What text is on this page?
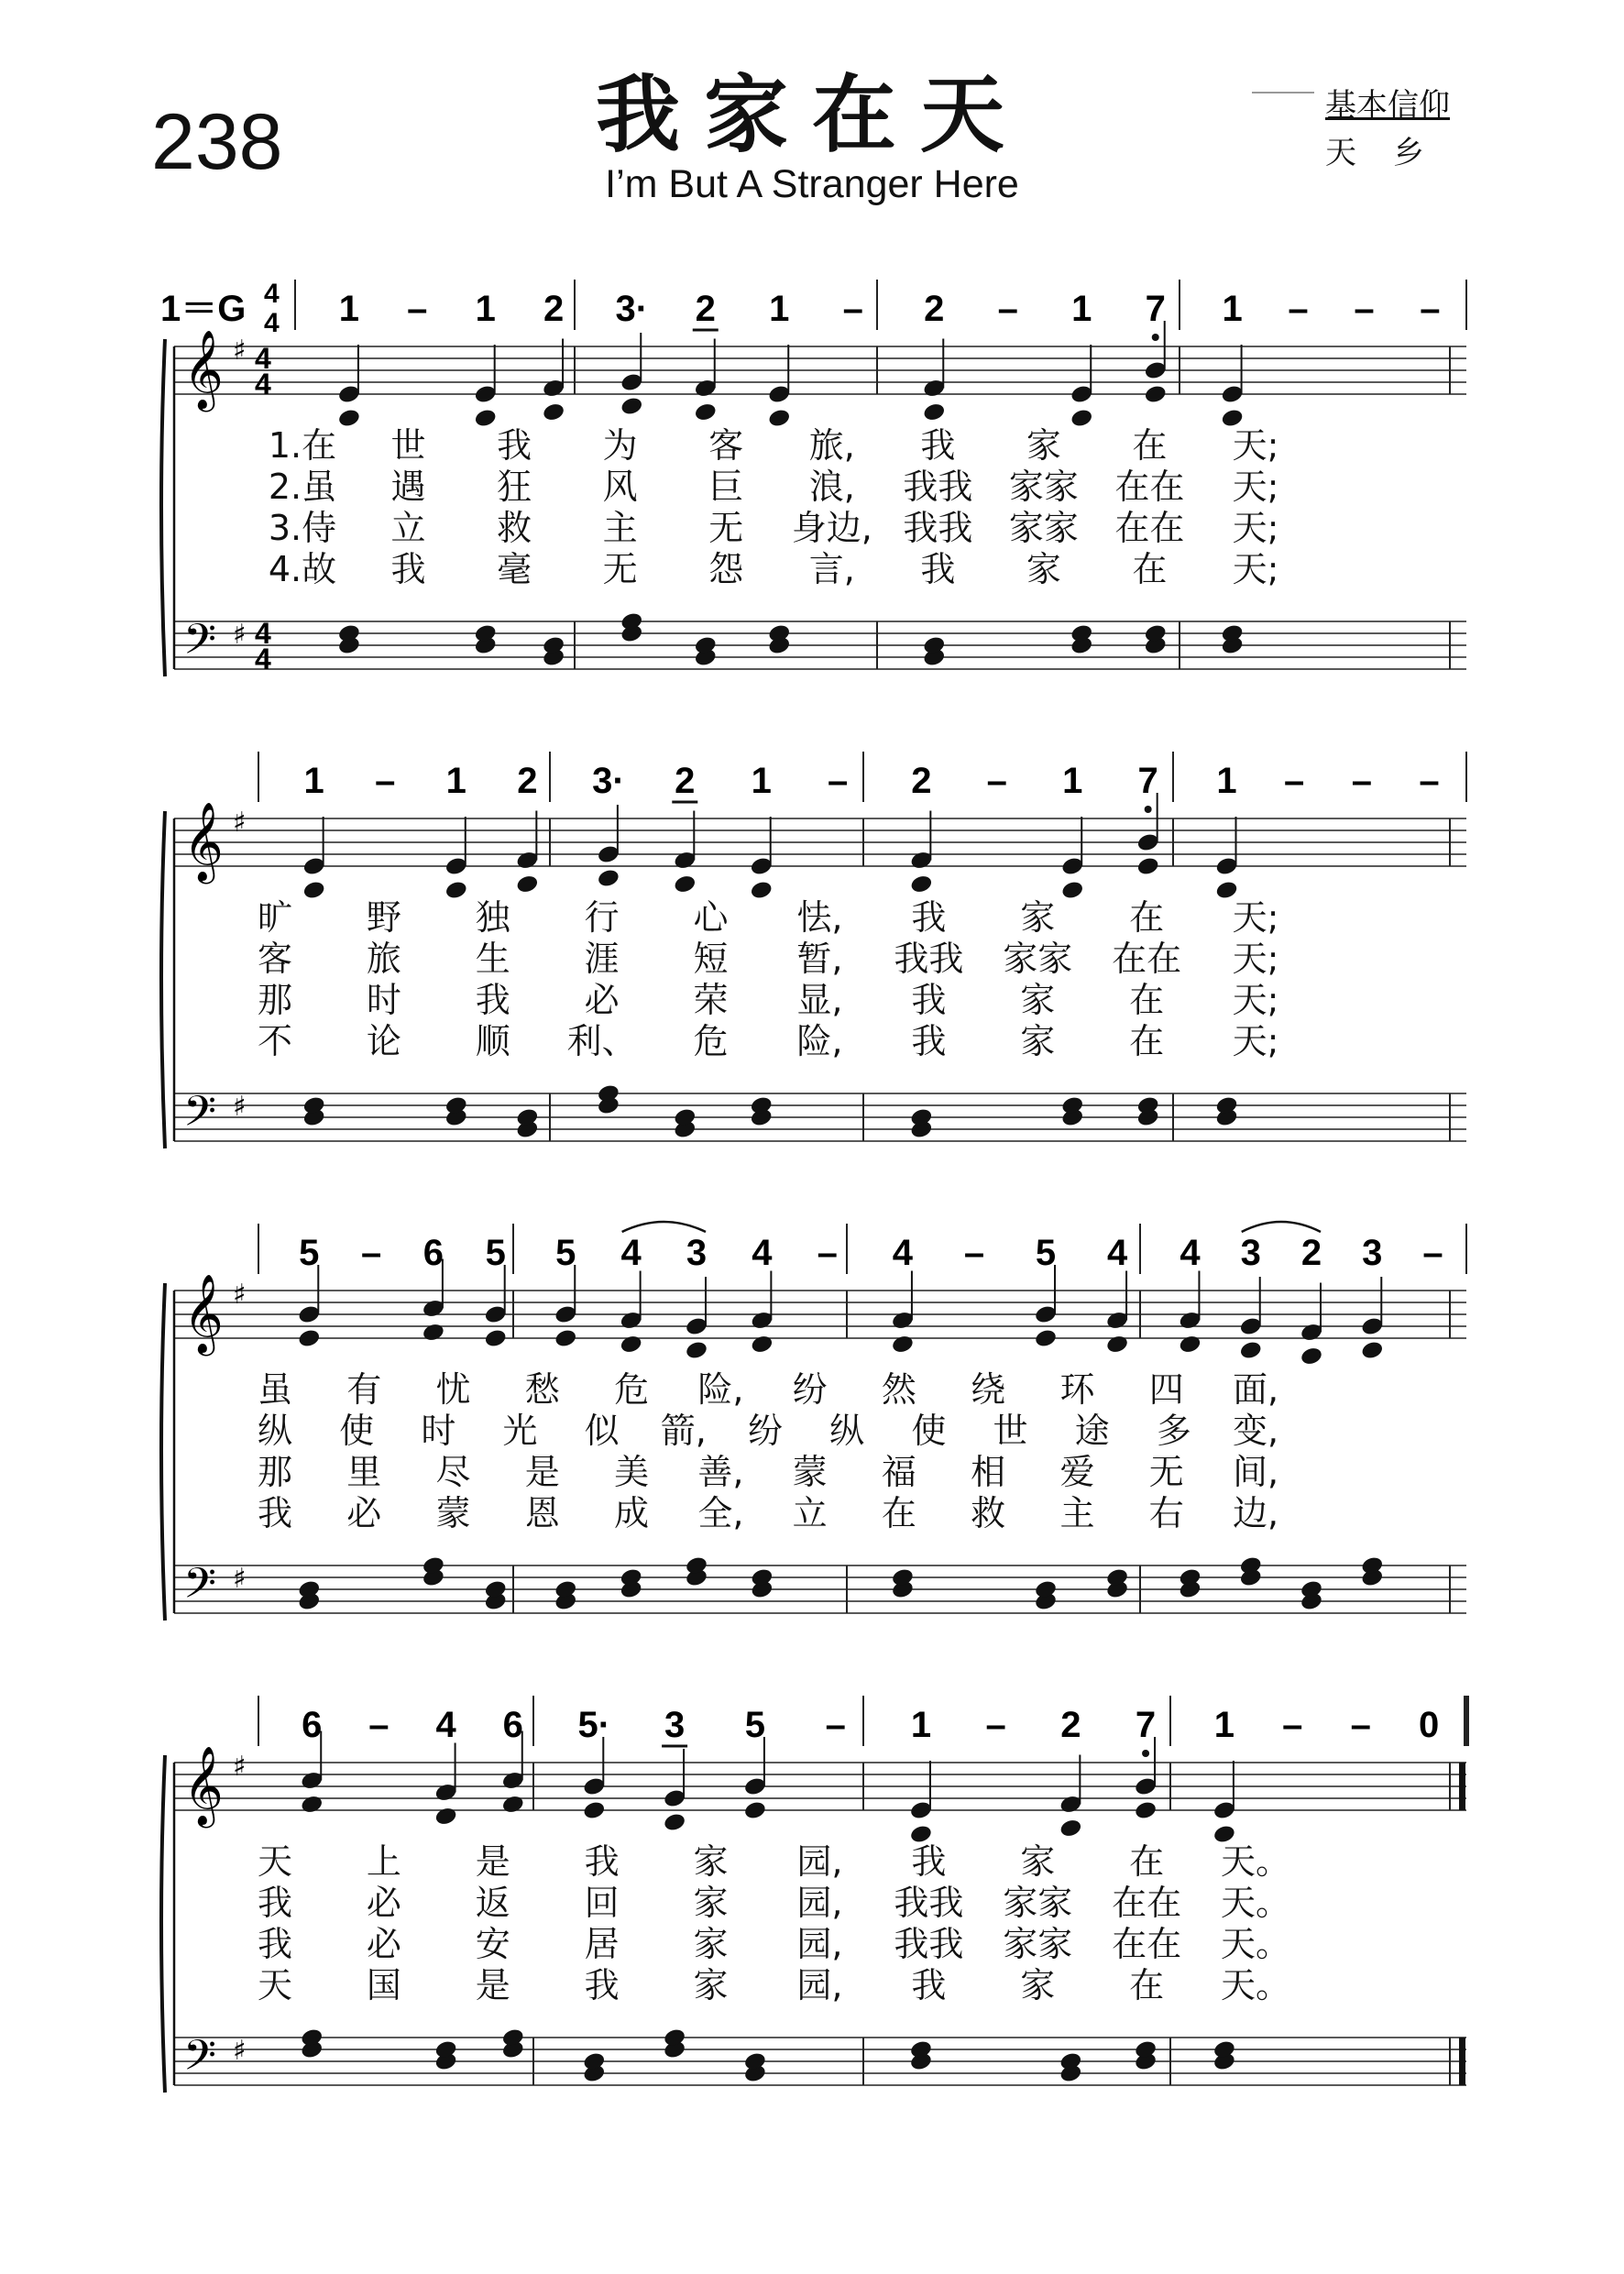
238	我家在天
I’m But A Stranger Here
基本信仰
天乡
1＝G 4
4 1 – 1 2 3· 2 1 – 2 – 1 7 1 – – –
𝄞
𝄢
♯
♯
4
4
4
4
1 – 1 2 3· 2 1 – 2 – 1 7 1 – – –
𝄞
𝄢
♯
♯
5 – 6 5 5 4 3 4 – 4 – 5 4 4 3 2 3 –
𝄞
𝄢
♯
♯
6 – 4 6 5· 3 5 – 1 – 2 7 1 – – 0
𝄞
𝄢
♯
♯
1.在 世 我 为 客 旅, 我 家 在 天;
2.虽 遇 狂 风 巨 浪, 我我 家家 在在 天;
3.侍 立 救 主 无 身边, 我我 家家 在在 天;
4.故 我 毫 无 怨 言, 我 家 在 天;
旷 野 独 行 心 怯, 我 家 在 天;
客 旅 生 涯 短 暂, 我我 家家 在在 天;
那 时 我 必 荣 显, 我 家 在 天;
不 论 顺 利、 危 险, 我 家 在 天;
虽 有 忧 愁 危 险, 纷 然 绕 环 四 面,
纵 使 时 光 似 箭, 纷 纵 使 世 途 多 变,
那 里 尽 是 美 善, 蒙 福 相 爱 无 间,
我 必 蒙 恩 成 全, 立 在 救 主 右 边,
天 上 是 我 家 园, 我 家 在 天。
我 必 返 回 家 园, 我我 家家 在在 天。
我 必 安 居 家 园, 我我 家家 在在 天。
天 国 是 我 家 园, 我 家 在 天。
